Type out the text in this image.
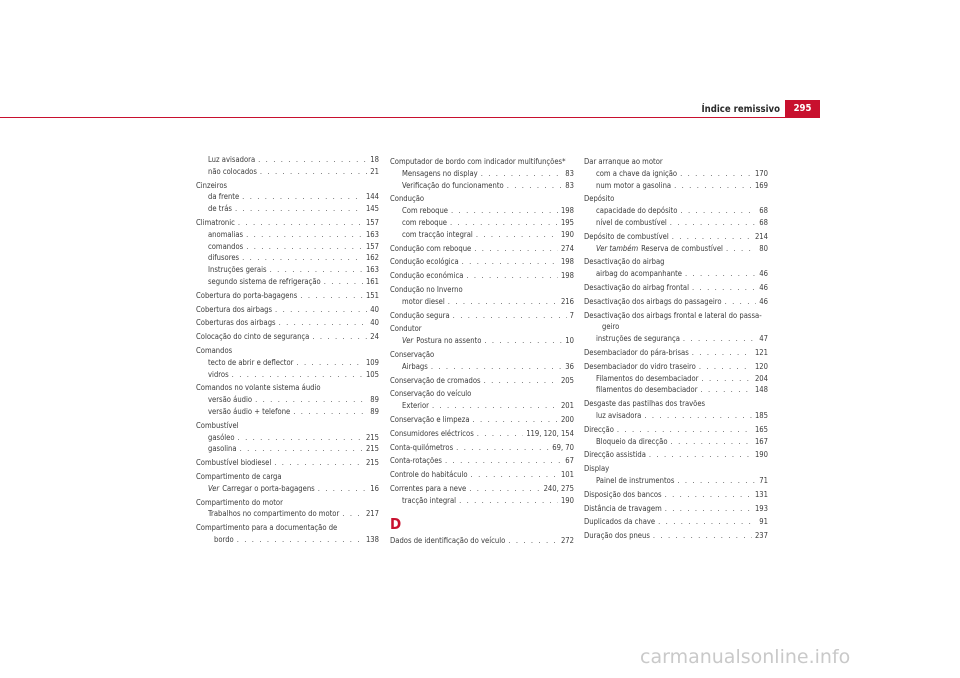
Índice remissivo	295
Luz avisadora . . .	18
não colocados . . .	21
Cinzeiros
da frente . . .	144
de trás . . .	145
Climatronic . . .	157
anomalias . . .	163
comandos . . .	157
difusores . . .	162
Instruções gerais . . .	163
segundo sistema de refrigeração . . .	161
Cobertura do porta-bagagens . . .	151
Cobertura dos airbags . . .	40
Coberturas dos airbags . . .	40
Colocação do cinto de segurança . . .	24
Comandos
tecto de abrir e deflector . . .	109
vidros . . .	105
Comandos no volante sistema áudio
versão áudio . . .	89
versão áudio + telefone . . .	89
Combustível
gasóleo . . .	215
gasolina . . .	215
Combustível biodiesel . . .	215
Compartimento de carga
Ver Carregar o porta-bagagens . . .	16
Compartimento do motor
Trabalhos no compartimento do motor . . .	217
Compartimento para a documentação de
bordo . . .	138
Computador de bordo com indicador multifunções*
Mensagens no display . . .	83
Verificação do funcionamento . . .	83
Condução
Com reboque . . .	198
com reboque . . .	195
com tracção integral . . .	190
Condução com reboque . . .	274
Condução ecológica . . .	198
Condução económica . . .	198
Condução no Inverno
motor diesel . . .	216
Condução segura . . .	7
Condutor
Ver Postura no assento . . .	10
Conservação
Airbags . . .	36
Conservação de cromados . . .	205
Conservação do veículo
Exterior . . .	201
Conservação e limpeza . . .	200
Consumidores eléctricos . . .	119, 120, 154
Conta-quilómetros . . .	69, 70
Conta-rotações . . .	67
Controle do habitáculo . . .	101
Correntes para a neve . . .	240, 275
tracção integral . . .	190
D
Dados de identificação do veículo . . .	272
Dar arranque ao motor
com a chave da ignição . . .	170
num motor a gasolina . . .	169
Depósito
capacidade do depósito . . .	68
nível de combustível . . .	68
Depósito de combustível . . .	214
Ver também Reserva de combustível . . .	80
Desactivação do airbag
airbag do acompanhante . . .	46
Desactivação do airbag frontal . . .	46
Desactivação dos airbags do passageiro . . .	46
Desactivação dos airbags frontal e lateral do passa-
geiro
instruções de segurança . . .	47
Desembaciador do pára-brisas . . .	121
Desembaciador do vidro traseiro . . .	120
Filamentos do desembaciador . . .	204
filamentos do desembaciador . . .	148
Desgaste das pastilhas dos travões
luz avisadora . . .	185
Direcção . . .	165
Bloqueio da direcção . . .	167
Direcção assistida . . .	190
Display
Painel de instrumentos . . .	71
Disposição dos bancos . . .	131
Distância de travagem . . .	193
Duplicados da chave . . .	91
Duração dos pneus . . .	237
carmanualsonline.info
